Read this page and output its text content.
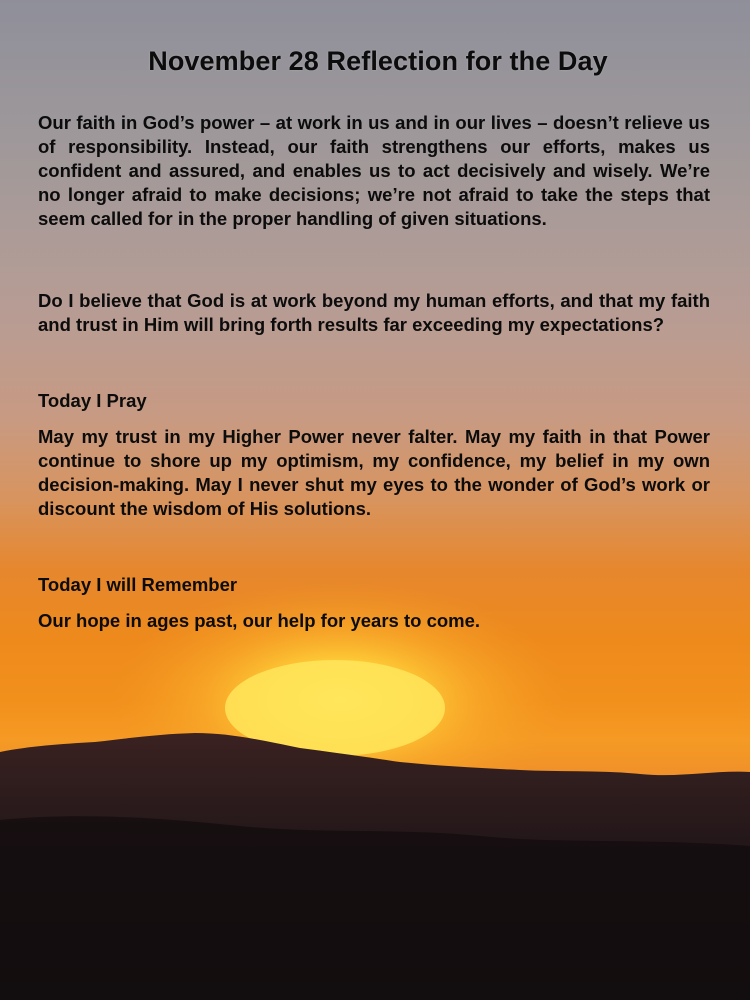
November 28 Reflection for the Day

Our faith in God’s power – at work in us and in our lives – doesn’t relieve us of responsibility. Instead, our faith strengthens our efforts, makes us confident and assured, and enables us to act decisively and wisely. We’re no longer afraid to make decisions; we’re not afraid to take the steps that seem called for in the proper handling of given situations.

Do I believe that God is at work beyond my human efforts, and that my faith and trust in Him will bring forth results far exceeding my expectations?

Today I Pray

May my trust in my Higher Power never falter. May my faith in that Power continue to shore up my optimism, my confidence, my belief in my own decision-making. May I never shut my eyes to the wonder of God’s work or discount the wisdom of His solutions.

Today I will Remember

Our hope in ages past, our help for years to come.
